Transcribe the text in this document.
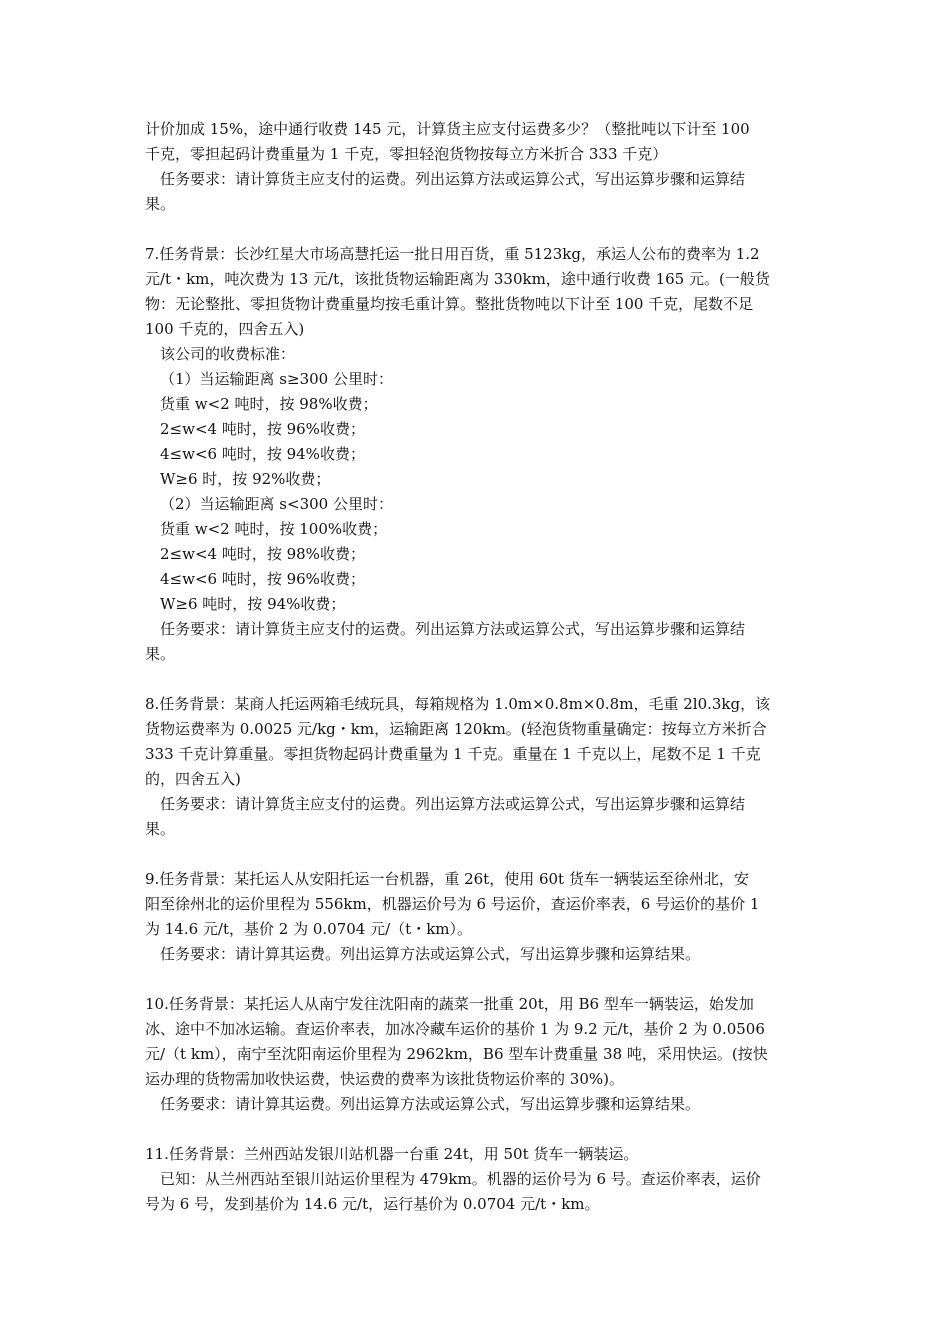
计价加成 15%，途中通行收费 145 元，计算货主应支付运费多少？（整批吨以下计至 100
千克，零担起码计费重量为 1 千克，零担轻泡货物按每立方米折合 333 千克）
任务要求：请计算货主应支付的运费。列出运算方法或运算公式，写出运算步骤和运算结
果。
7.任务背景：长沙红星大市场高慧托运一批日用百货，重 5123kg，承运人公布的费率为 1.2
元/t・km，吨次费为 13 元/t，该批货物运输距离为 330km，途中通行收费 165 元。(一般货
物：无论整批、零担货物计费重量均按毛重计算。整批货物吨以下计至 100 千克，尾数不足
100 千克的，四舍五入)
该公司的收费标准：
（1）当运输距离 s≥300 公里时：
货重 w<2 吨时，按 98%收费；
2≤w<4 吨时，按 96%收费；
4≤w<6 吨时，按 94%收费；
W≥6 时，按 92%收费；
（2）当运输距离 s<300 公里时：
货重 w<2 吨时，按 100%收费；
2≤w<4 吨时，按 98%收费；
4≤w<6 吨时，按 96%收费；
W≥6 吨时，按 94%收费；
任务要求：请计算货主应支付的运费。列出运算方法或运算公式，写出运算步骤和运算结
果。
8.任务背景：某商人托运两箱毛绒玩具，每箱规格为 1.0m×0.8m×0.8m，毛重 2l0.3kg，该
货物运费率为 0.0025 元/kg・km，运输距离 120km。(轻泡货物重量确定：按每立方米折合
333 千克计算重量。零担货物起码计费重量为 1 千克。重量在 1 千克以上，尾数不足 1 千克
的，四舍五入)
任务要求：请计算货主应支付的运费。列出运算方法或运算公式，写出运算步骤和运算结
果。
9.任务背景：某托运人从安阳托运一台机器，重 26t，使用 60t 货车一辆装运至徐州北，安
阳至徐州北的运价里程为 556km，机器运价号为 6 号运价，查运价率表，6 号运价的基价 1
为 14.6 元/t，基价 2 为 0.0704 元/（t・km）。
任务要求：请计算其运费。列出运算方法或运算公式，写出运算步骤和运算结果。
10.任务背景：某托运人从南宁发往沈阳南的蔬菜一批重 20t，用 B6 型车一辆装运，始发加
冰、途中不加冰运输。查运价率表，加冰冷藏车运价的基价 1 为 9.2 元/t，基价 2 为 0.0506
元/（t km），南宁至沈阳南运价里程为 2962km，B6 型车计费重量 38 吨，采用快运。(按快
运办理的货物需加收快运费，快运费的费率为该批货物运价率的 30%)。
任务要求：请计算其运费。列出运算方法或运算公式，写出运算步骤和运算结果。
11.任务背景：兰州西站发银川站机器一台重 24t，用 50t 货车一辆装运。
已知：从兰州西站至银川站运价里程为 479km。机器的运价号为 6 号。查运价率表，运价
号为 6 号，发到基价为 14.6 元/t，运行基价为 0.0704 元/t・km。
